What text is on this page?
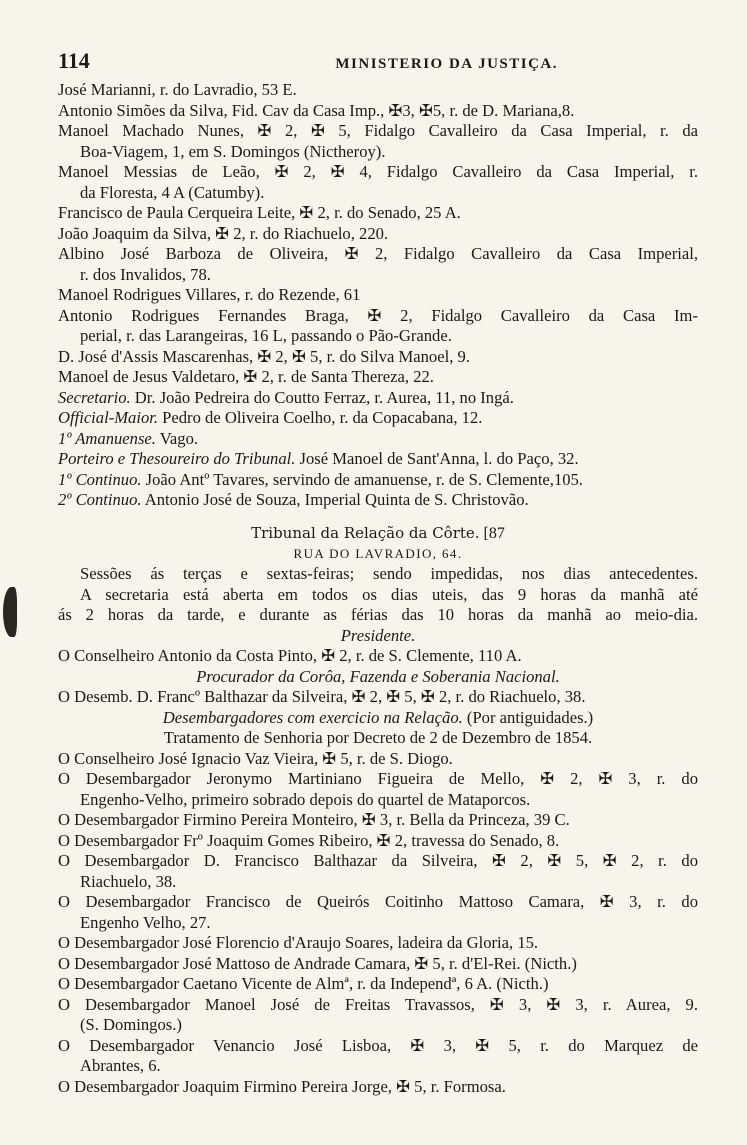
114	MINISTERIO DA JUSTIÇA.
José Marianni, r. do Lavradio, 53 E.
Antonio Simões da Silva, Fid. Cav da Casa Imp., ✠3, ✠5, r. de D. Mariana,8.
Manoel Machado Nunes, ✠ 2, ✠ 5, Fidalgo Cavalleiro da Casa Imperial, r. da
Boa-Viagem, 1, em S. Domingos (Nictheroy).
Manoel Messias de Leão, ✠ 2, ✠ 4, Fidalgo Cavalleiro da Casa Imperial, r.
da Floresta, 4 A (Catumby).
Francisco de Paula Cerqueira Leite, ✠ 2, r. do Senado, 25 A.
João Joaquim da Silva, ✠ 2, r. do Riachuelo, 220.
Albino José Barboza de Oliveira, ✠ 2, Fidalgo Cavalleiro da Casa Imperial,
r. dos Invalidos, 78.
Manoel Rodrigues Villares, r. do Rezende, 61
Antonio Rodrigues Fernandes Braga, ✠ 2, Fidalgo Cavalleiro da Casa Im-
perial, r. das Larangeiras, 16 L, passando o Pão-Grande.
D. José d'Assis Mascarenhas, ✠ 2, ✠ 5, r. do Silva Manoel, 9.
Manoel de Jesus Valdetaro, ✠ 2, r. de Santa Thereza, 22.
Secretario. Dr. João Pedreira do Coutto Ferraz, r. Aurea, 11, no Ingá.
Official-Maior. Pedro de Oliveira Coelho, r. da Copacabana, 12.
1º Amanuense. Vago.
Porteiro e Thesoureiro do Tribunal. José Manoel de Sant'Anna, l. do Paço, 32.
1º Continuo. João Antº Tavares, servindo de amanuense, r. de S. Clemente,105.
2º Continuo. Antonio José de Souza, Imperial Quinta de S. Christovão.
Tribunal da Relação da Côrte. [87
RUA DO LAVRADIO, 64.
Sessões ás terças e sextas-feiras; sendo impedidas, nos dias antecedentes.
A secretaria está aberta em todos os dias uteis, das 9 horas da manhã até
ás 2 horas da tarde, e durante as férias das 10 horas da manhã ao meio-dia.
Presidente.
O Conselheiro Antonio da Costa Pinto, ✠ 2, r. de S. Clemente, 110 A.
Procurador da Corôa, Fazenda e Soberania Nacional.
O Desemb. D. Francº Balthazar da Silveira, ✠ 2, ✠ 5, ✠ 2, r. do Riachuelo, 38.
Desembargadores com exercicio na Relação. (Por antiguidades.)
Tratamento de Senhoria por Decreto de 2 de Dezembro de 1854.
O Conselheiro José Ignacio Vaz Vieira, ✠ 5, r. de S. Diogo.
O Desembargador Jeronymo Martiniano Figueira de Mello, ✠ 2, ✠ 3, r. do
Engenho-Velho, primeiro sobrado depois do quartel de Mataporcos.
O Desembargador Firmino Pereira Monteiro, ✠ 3, r. Bella da Princeza, 39 C.
O Desembargador Frº Joaquim Gomes Ribeiro, ✠ 2, travessa do Senado, 8.
O Desembargador D. Francisco Balthazar da Silveira, ✠ 2, ✠ 5, ✠ 2, r. do
Riachuelo, 38.
O Desembargador Francisco de Queirós Coitinho Mattoso Camara, ✠ 3, r. do
Engenho Velho, 27.
O Desembargador José Florencio d'Araujo Soares, ladeira da Gloria, 15.
O Desembargador José Mattoso de Andrade Camara, ✠ 5, r. d'El-Rei. (Nicth.)
O Desembargador Caetano Vicente de Almª, r. da Independª, 6 A. (Nicth.)
O Desembargador Manoel José de Freitas Travassos, ✠ 3, ✠ 3, r. Aurea, 9.
(S. Domingos.)
O Desembargador Venancio José Lisboa, ✠ 3, ✠ 5, r. do Marquez de
Abrantes, 6.
O Desembargador Joaquim Firmino Pereira Jorge, ✠ 5, r. Formosa.
